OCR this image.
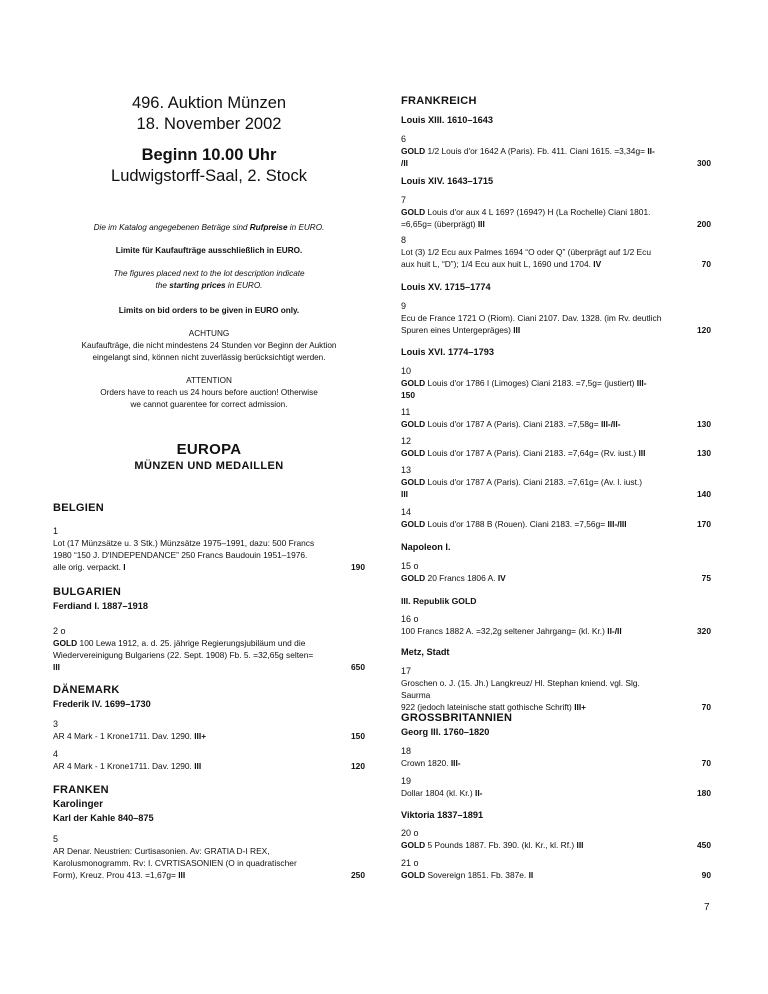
496. Auktion Münzen
18. November 2002
Beginn 10.00 Uhr
Ludwigstorff-Saal, 2. Stock
Die im Katalog angegebenen Beträge sind Rufpreise in EURO.
Limite für Kaufaufträge ausschließlich in EURO.
The figures placed next to the lot description indicate
the starting prices in EURO.
Limits on bid orders to be given in EURO only.
ACHTUNG
Kaufaufträge, die nicht mindestens 24 Stunden vor Beginn der Auktion
eingelangt sind, können nicht zuverlässig berücksichtigt werden.
ATTENTION
Orders have to reach us 24 hours before auction! Otherwise
we cannot guarentee for correct admission.
EUROPA
MÜNZEN UND MEDAILLEN
BELGIEN
1
Lot (17 Münzsätze u. 3 Stk.) Münzsätze 1975–1991, dazu: 500 Francs
1980 “150 J. D'INDEPENDANCE” 250 Francs Baudouin 1951–1976.
alle orig. verpackt. I	190
BULGARIEN
Ferdiand I. 1887–1918
2 o
GOLD 100 Lewa 1912, a. d. 25. jährige Regierungsjubiläum und die
Wiedervereinigung Bulgariens (22. Sept. 1908) Fb. 5. =32,65g selten=
III	650
DÄNEMARK
Frederik IV. 1699–1730
3
AR 4 Mark - 1 Krone1711. Dav. 1290. III+	150
4
AR 4 Mark - 1 Krone1711. Dav. 1290. III	120
FRANKEN
Karolinger
Karl der Kahle 840–875
5
AR Denar. Neustrien: Curtisasonien. Av: GRATIA D-I REX,
Karolusmonogramm. Rv: I. CVRTISASONIEN (O in quadratischer
Form), Kreuz. Prou 413. =1,67g= III	250
FRANKREICH
Louis XIII. 1610–1643
6
GOLD 1/2 Louis d'or 1642 A (Paris). Fb. 411. Ciani 1615. =3,34g= II-
/II	300
Louis XIV. 1643–1715
7
GOLD Louis d'or aux 4 L 169? (1694?) H (La Rochelle) Ciani 1801.
=6,65g= (überprägt) III	200
8
Lot (3) 1/2 Ecu aux Palmes 1694 “O oder Q” (überprägt auf 1/2 Ecu
aux huit L, “D”); 1/4 Ecu aux huit L, 1690 und 1704. IV	70
Louis XV. 1715–1774
9
Ecu de France 1721 O (Riom). Ciani 2107. Dav. 1328. (im Rv. deutlich
Spuren eines Untergepräges) III	120
Louis XVI. 1774–1793
10
GOLD Louis d'or 1786 I (Limoges) Ciani 2183. =7,5g= (justiert) III-
150
11
GOLD Louis d'or 1787 A (Paris). Ciani 2183. =7,58g= III-/II-	130
12
GOLD Louis d'or 1787 A (Paris). Ciani 2183. =7,64g= (Rv. iust.) III	130
13
GOLD Louis d'or 1787 A (Paris). Ciani 2183. =7,61g= (Av. l. iust.)
III	140
14
GOLD Louis d'or 1788 B (Rouen). Ciani 2183. =7,56g= III-/III	170
Napoleon I.
15 o
GOLD 20 Francs 1806 A. IV	75
III. Republik GOLD
16 o
100 Francs 1882 A. =32,2g seltener Jahrgang= (kl. Kr.) II-/II	320
Metz, Stadt
17
Groschen o. J. (15. Jh.) Langkreuz/ Hl. Stephan kniend. vgl. Slg. Saurma
922 (jedoch lateinische statt gothische Schrift) III+	70
GROSSBRITANNIEN
Georg III. 1760–1820
18
Crown 1820. III-	70
19
Dollar 1804 (kl. Kr.) II-	180
Viktoria 1837–1891
20 o
GOLD 5 Pounds 1887. Fb. 390. (kl. Kr., kl. Rf.) III	450
21 o
GOLD Sovereign 1851. Fb. 387e. II	90
7
